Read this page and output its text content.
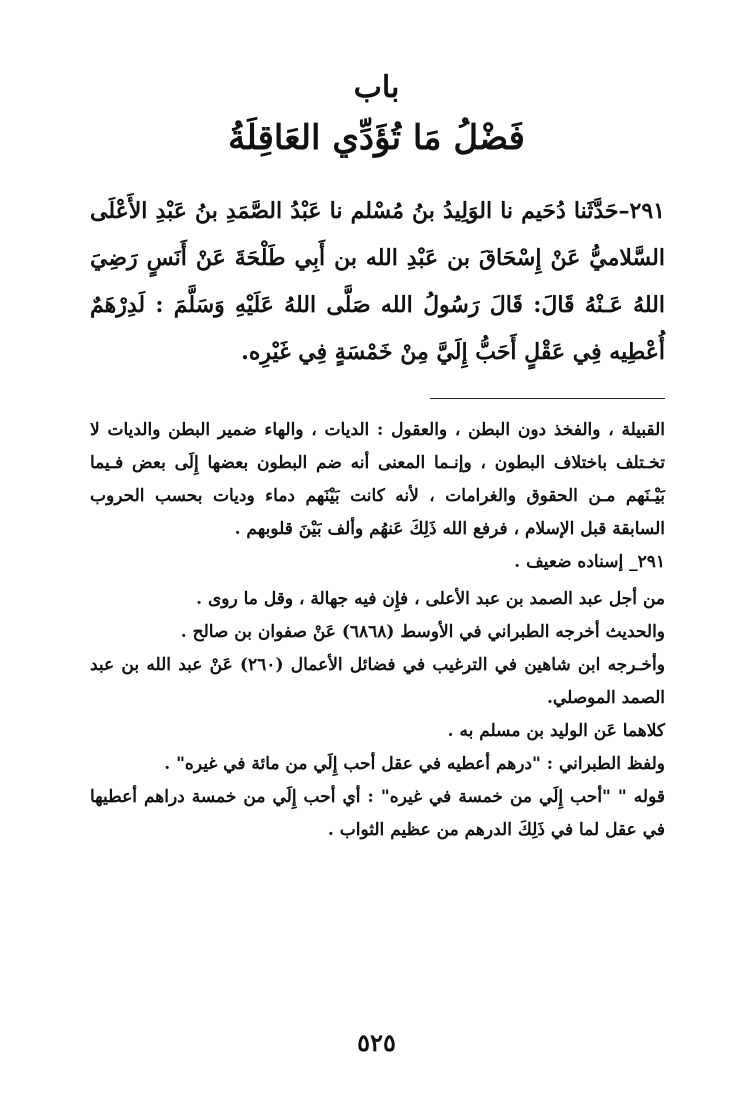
باب
فَضْلُ مَا تُؤَدِّي العَاقِلَةُ

٢٩١–حَدَّثَنا دُحَيم نا الوَلِيدُ بنُ مُسْلم نا عَبْدُ الصَّمَدِ بنُ عَبْدِ الأَعْلَى السَّلاميُّ عَنْ إِسْحَاقَ بن عَبْدِ الله بن أَبِي طَلْحَةَ عَنْ أَنَسٍ رَضِيَ اللهُ عَـنْهُ قَالَ: قَالَ رَسُولُ الله صَلَّى اللهُ عَلَيْهِ وَسَلَّمَ : لَدِرْهَمٌ أُعْطِيه فِي عَقْلٍ أَحَبُّ إِلَيَّ مِنْ خَمْسَةٍ فِي غَيْرِه.

القبيلة ، والفخذ دون البطن ، والعقول : الديات ، والهاء ضمير البطن والديات لا تخـتلف باختلاف البطون ، وإنـما المعنى أنه ضم البطون بعضها إِلَى بعض فـيما بَيْـنَهم مـن الحقوق والغرامات ، لأنه كانت بَيْنَهم دماء وديات بحسب الحروب السابقة قبل الإسلام ، فرفع الله ذَلِكَ عَنهُم وألف بَيْنَ قلوبهم .

٢٩١_ إسناده ضعيف .

من أجل عبد الصمد بن عبد الأعلى ، فإِن فيه جهالة ، وقل ما روى .

والحديث أخرجه الطبراني في الأوسط (٦٨٦٨) عَنْ صفوان بن صالح .

وأخـرجه ابن شاهين في الترغيب في فضائل الأعمال (٢٦٠) عَنْ عبد الله بن عبد الصمد الموصلي.

كلاهما عَن الوليد بن مسلم به .

ولفظ الطبراني : "درهم أعطيه في عقل أحب إِلَي من مائة في غيره" .

قوله " "أحب إِلَي من خمسة في غيره" : أي أحب إِلَي من خمسة دراهم أعطيها في عقل لما في ذَلِكَ الدرهم من عظيم الثواب .

٥٢٥
